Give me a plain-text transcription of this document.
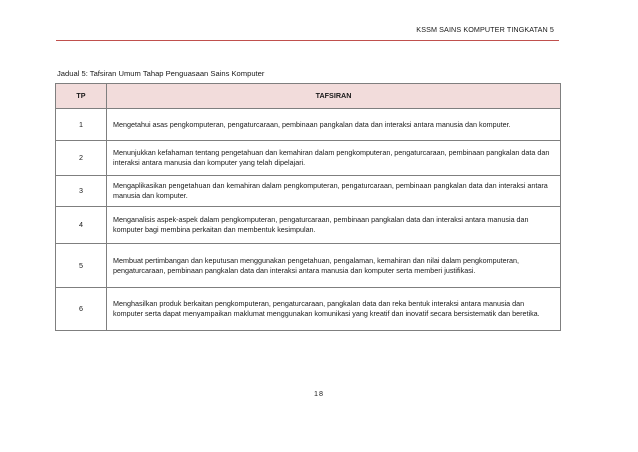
KSSM SAINS KOMPUTER TINGKATAN 5
Jadual 5: Tafsiran Umum Tahap Penguasaan Sains Komputer
TP	TAFSIRAN
1	Mengetahui asas pengkomputeran, pengaturcaraan, pembinaan pangkalan data dan interaksi antara manusia dan komputer.
2	Menunjukkan kefahaman tentang pengetahuan dan kemahiran dalam pengkomputeran, pengaturcaraan, pembinaan pangkalan data dan interaksi antara manusia dan komputer yang telah dipelajari.
3	Mengaplikasikan pengetahuan dan kemahiran dalam pengkomputeran, pengaturcaraan, pembinaan pangkalan data dan interaksi antara manusia dan komputer.
4	Menganalisis aspek-aspek dalam pengkomputeran, pengaturcaraan, pembinaan pangkalan data dan interaksi antara manusia dan komputer bagi membina perkaitan dan membentuk kesimpulan.
5	Membuat pertimbangan dan keputusan menggunakan pengetahuan, pengalaman, kemahiran dan nilai dalam pengkomputeran, pengaturcaraan, pembinaan pangkalan data dan interaksi antara manusia dan komputer serta memberi justifikasi.
6	Menghasilkan produk berkaitan pengkomputeran, pengaturcaraan, pangkalan data dan reka bentuk interaksi antara manusia dan komputer serta dapat menyampaikan maklumat menggunakan komunikasi yang kreatif dan inovatif secara bersistematik dan beretika.
18
